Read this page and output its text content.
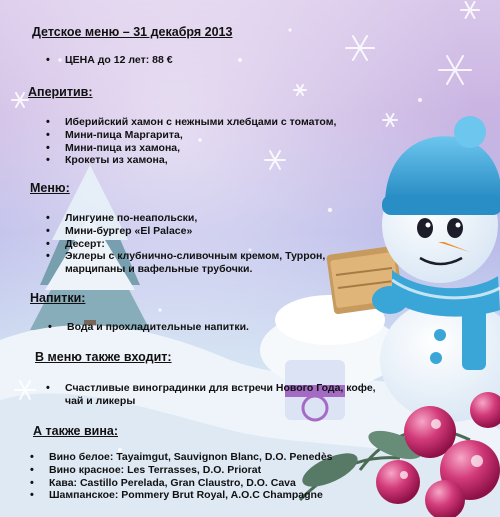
Детское меню – 31 декабря 2013
• ЦЕНА до 12 лет: 88 €
Аперитив:
• Иберийский хамон с нежными хлебцами с томатом,
• Мини-пица Маргарита,
• Мини-пица из хамона,
• Крокеты из хамона,
Меню:
• Лингуине по-неапольски,
• Мини-бургер «El Palace»
• Десерт:
• Эклеры с клубнично-сливочным кремом, Туррон, марципаны и вафельные трубочки.
Напитки:
• Вода и прохладительные напитки.
В меню также входит:
• Счастливые виноградинки для встречи Нового Года, кофе, чай и ликеры
А также вина:
• Вино белое: Tayaimgut, Sauvignon Blanc, D.O. Penedès
• Вино красное: Les Terrasses, D.O. Priorat
• Кава: Castillo Perelada, Gran Claustro, D.O. Cava
• Шампанское: Pommery Brut Royal, A.O.C Champagne
